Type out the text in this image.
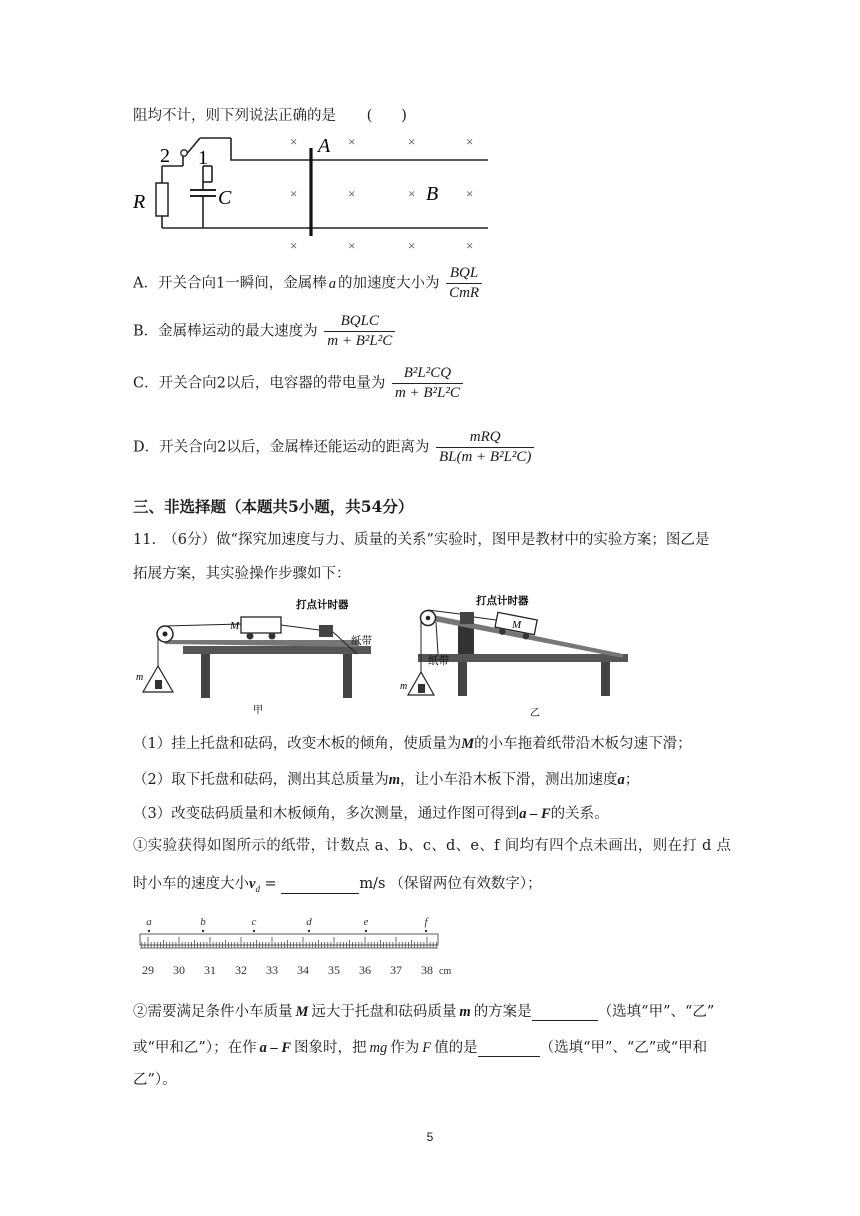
阻均不计，则下列说法正确的是 (　　)
2 1
R	C
A
B
×	×	×	×
×	×	×	×
×	×	×	×
A．开关合向1一瞬间，金属棒 a 的加速度大小为 $\frac{\text{BQL}}{\text{CmR}}$
B．金属棒运动的最大速度为 $\frac{\text{BQLC}}{\text{m + B²L²C}}$
C．开关合向2以后，电容器的带电量为 $\frac{\text{B²L²CQ}}{\text{m + B²L²C}}$
D．开关合向2以后，金属棒还能运动的距离为 $\frac{\text{mRQ}}{\text{BL(m + B²L²C)}}$
三、非选择题（本题共5小题，共54分）
11.　（6分）做“探究加速度与力、质量的关系”实验时，图甲是教材中的实验方案；图乙是
拓展方案，其实验操作步骤如下：
M
m
打点计时器
纸带
甲
M
m
打点计时器
纸带
乙
（1）挂上托盘和砝码，改变木板的倾角，使质量为M的小车拖着纸带沿木板匀速下滑；
（2）取下托盘和砝码，测出其总质量为m，让小车沿木板下滑，测出加速度a；
（3）改变砝码质量和木板倾角，多次测量，通过作图可得到a – F的关系。
①实验获得如图所示的纸带，计数点 a、b、c、d、e、f 间均有四个点未画出，则在打 d 点
时小车的速度大小$v_d$ =	m/s （保留两位有效数字）；
29 30 31 32 33 34 35 36 37 38
a	b	c	d	e	f
cm
②需要满足条件小车质量 M 远大于托盘和砝码质量 m 的方案是	（选填“甲”、“乙”
或“甲和乙”）；在作 a – F 图象时，把 mg 作为 F 值的是	（选填“甲”、“乙”或“甲和
乙”）。
5
